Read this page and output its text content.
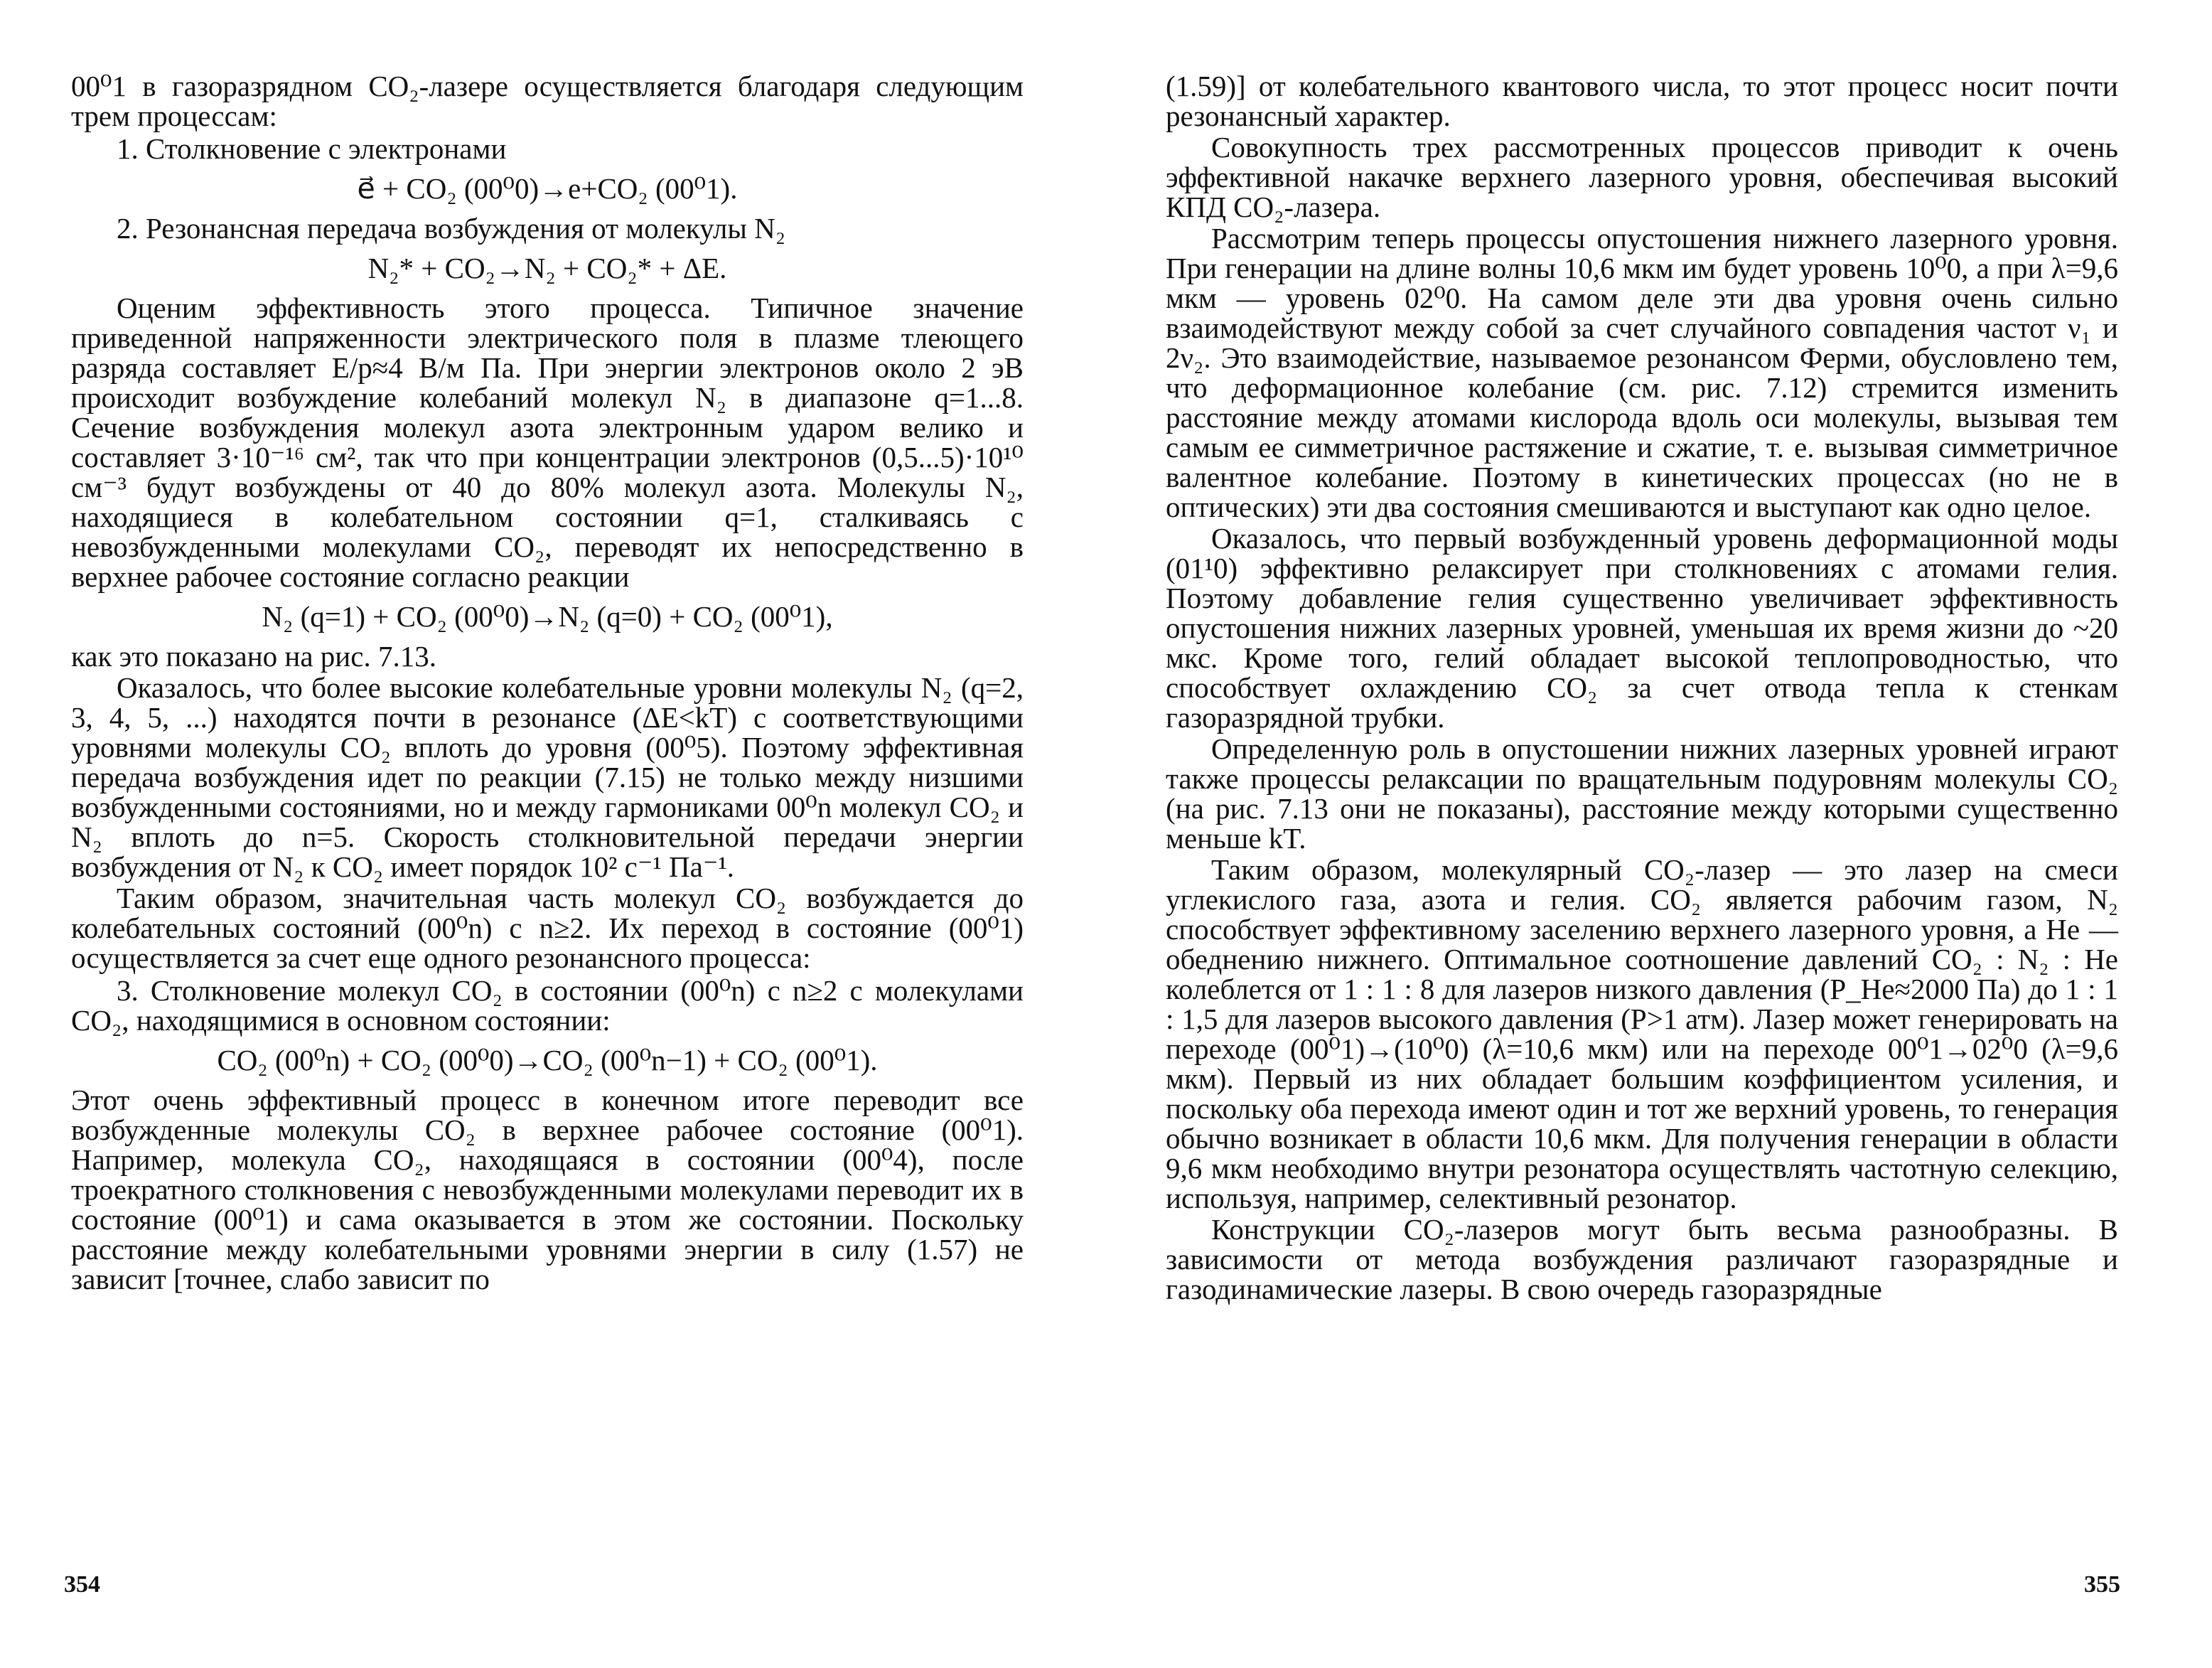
00⁰1 в газоразрядном CO₂-лазере осуществляется благодаря следующим трем процессам:

1. Столкновение с электронами

e⃗ + CO₂ (00⁰0)→e+CO₂ (00⁰1).

2. Резонансная передача возбуждения от молекулы N₂

N₂* + CO₂→N₂ + CO₂* + ΔE.

Оценим эффективность этого процесса. Типичное значение приведенной напряженности электрического поля в плазме тлеющего разряда составляет E/p≈4 В/м Па. При энергии электронов около 2 эВ происходит возбуждение колебаний молекул N₂ в диапазоне q=1...8. Сечение возбуждения молекул азота электронным ударом велико и составляет 3·10⁻¹⁶ см², так что при концентрации электронов (0,5...5)·10¹⁰ см⁻³ будут возбуждены от 40 до 80% молекул азота. Молекулы N₂, находящиеся в колебательном состоянии q=1, сталкиваясь с невозбужденными молекулами CO₂, переводят их непосредственно в верхнее рабочее состояние согласно реакции

N₂ (q=1) + CO₂ (00⁰0)→N₂ (q=0) + CO₂ (00⁰1),

как это показано на рис. 7.13.

Оказалось, что более высокие колебательные уровни молекулы N₂ (q=2, 3, 4, 5, ...) находятся почти в резонансе (ΔE<kT) с соответствующими уровнями молекулы CO₂ вплоть до уровня (00⁰5). Поэтому эффективная передача возбуждения идет по реакции (7.15) не только между низшими возбужденными состояниями, но и между гармониками 00⁰n молекул CO₂ и N₂ вплоть до n=5. Скорость столкновительной передачи энергии возбуждения от N₂ к CO₂ имеет порядок 10² с⁻¹ Па⁻¹.

Таким образом, значительная часть молекул CO₂ возбуждается до колебательных состояний (00⁰n) с n≥2. Их переход в состояние (00⁰1) осуществляется за счет еще одного резонансного процесса:

3. Столкновение молекул CO₂ в состоянии (00⁰n) с n≥2 с молекулами CO₂, находящимися в основном состоянии:

CO₂ (00⁰n) + CO₂ (00⁰0)→CO₂ (00⁰n−1) + CO₂ (00⁰1).

Этот очень эффективный процесс в конечном итоге переводит все возбужденные молекулы CO₂ в верхнее рабочее состояние (00⁰1). Например, молекула CO₂, находящаяся в состоянии (00⁰4), после троекратного столкновения с невозбужденными молекулами переводит их в состояние (00⁰1) и сама оказывается в этом же состоянии. Поскольку расстояние между колебательными уровнями энергии в силу (1.57) не зависит [точнее, слабо зависит по

354

(1.59)] от колебательного квантового числа, то этот процесс носит почти резонансный характер.

Совокупность трех рассмотренных процессов приводит к очень эффективной накачке верхнего лазерного уровня, обеспечивая высокий КПД CO₂-лазера.

Рассмотрим теперь процессы опустошения нижнего лазерного уровня. При генерации на длине волны 10,6 мкм им будет уровень 10⁰0, а при λ=9,6 мкм — уровень 02⁰0. На самом деле эти два уровня очень сильно взаимодействуют между собой за счет случайного совпадения частот ν₁ и 2ν₂. Это взаимодействие, называемое резонансом Ферми, обусловлено тем, что деформационное колебание (см. рис. 7.12) стремится изменить расстояние между атомами кислорода вдоль оси молекулы, вызывая тем самым ее симметричное растяжение и сжатие, т. е. вызывая симметричное валентное колебание. Поэтому в кинетических процессах (но не в оптических) эти два состояния смешиваются и выступают как одно целое.

Оказалось, что первый возбужденный уровень деформационной моды (01¹0) эффективно релаксирует при столкновениях с атомами гелия. Поэтому добавление гелия существенно увеличивает эффективность опустошения нижних лазерных уровней, уменьшая их время жизни до ~20 мкс. Кроме того, гелий обладает высокой теплопроводностью, что способствует охлаждению CO₂ за счет отвода тепла к стенкам газоразрядной трубки.

Определенную роль в опустошении нижних лазерных уровней играют также процессы релаксации по вращательным подуровням молекулы CO₂ (на рис. 7.13 они не показаны), расстояние между которыми существенно меньше kT.

Таким образом, молекулярный CO₂-лазер — это лазер на смеси углекислого газа, азота и гелия. CO₂ является рабочим газом, N₂ способствует эффективному заселению верхнего лазерного уровня, а He — обеднению нижнего. Оптимальное соотношение давлений CO₂ : N₂ : He колеблется от 1 : 1 : 8 для лазеров низкого давления (P_He≈2000 Па) до 1 : 1 : 1,5 для лазеров высокого давления (P>1 атм). Лазер может генерировать на переходе (00⁰1)→(10⁰0) (λ=10,6 мкм) или на переходе 00⁰1→02⁰0 (λ=9,6 мкм). Первый из них обладает большим коэффициентом усиления, и поскольку оба перехода имеют один и тот же верхний уровень, то генерация обычно возникает в области 10,6 мкм. Для получения генерации в области 9,6 мкм необходимо внутри резонатора осуществлять частотную селекцию, используя, например, селективный резонатор.

Конструкции CO₂-лазеров могут быть весьма разнообразны. В зависимости от метода возбуждения различают газоразрядные и газодинамические лазеры. В свою очередь газоразрядные

355
